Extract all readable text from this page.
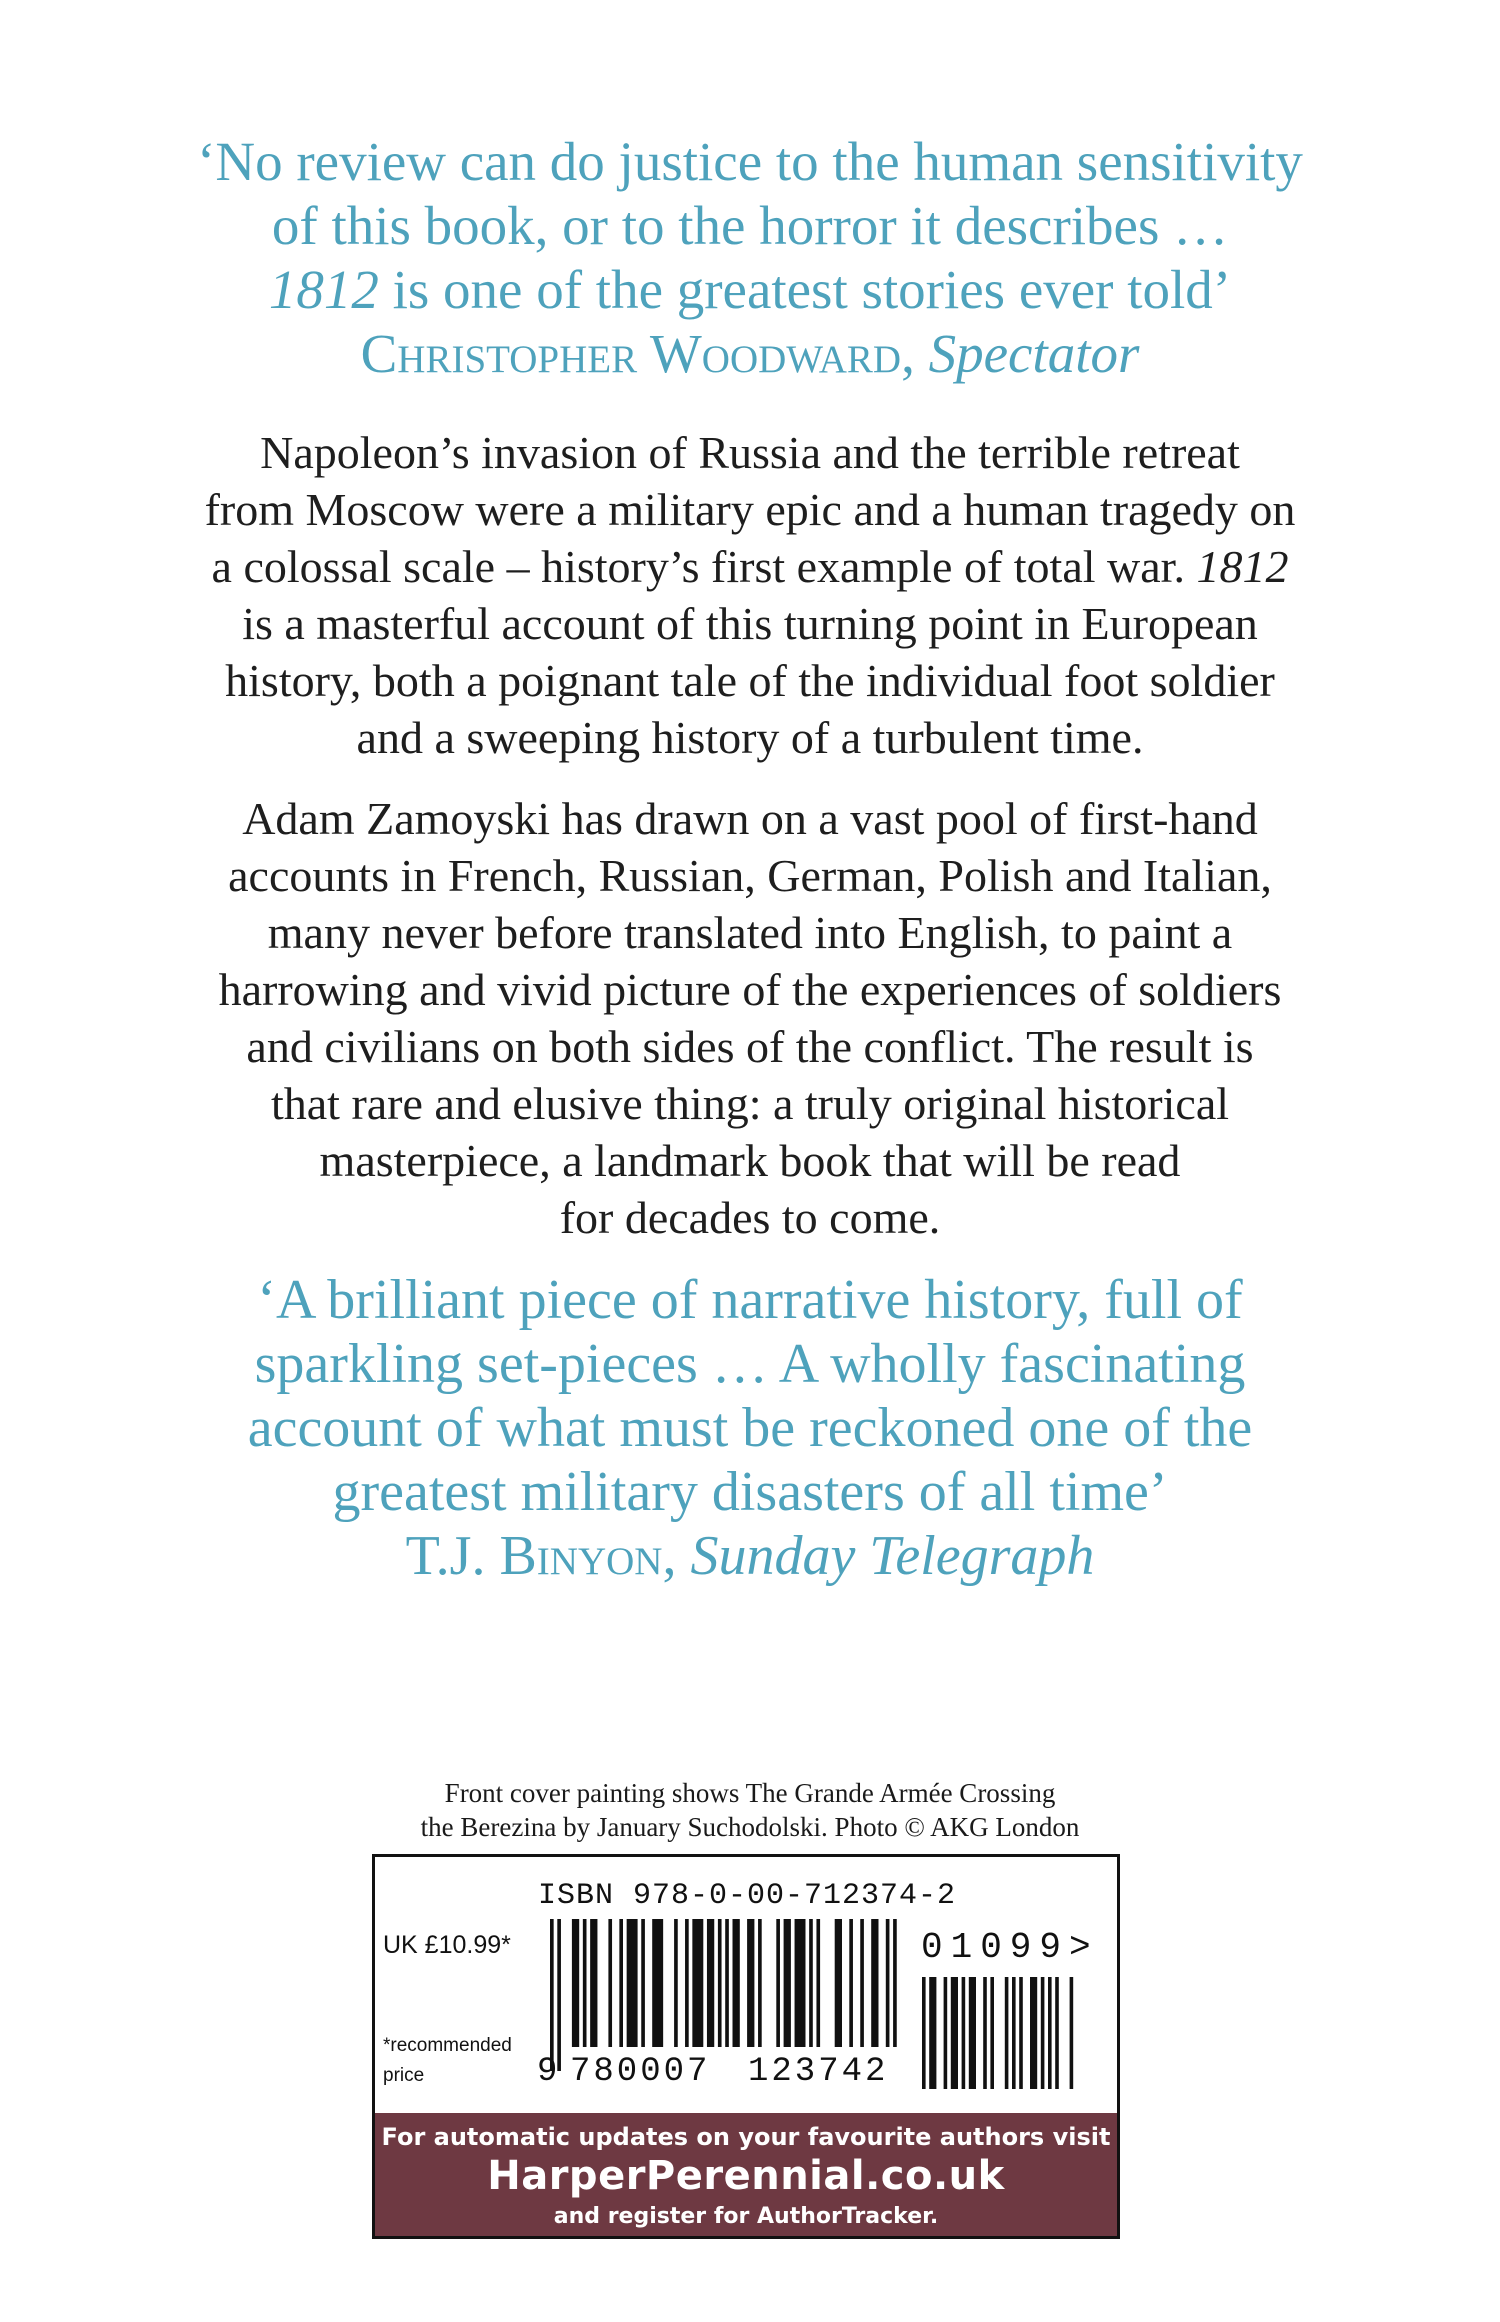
‘No review can do justice to the human sensitivity
of this book, or to the horror it describes …
1812 is one of the greatest stories ever told’
Christopher Woodward, Spectator
Napoleon’s invasion of Russia and the terrible retreat
from Moscow were a military epic and a human tragedy on
a colossal scale – history’s first example of total war. 1812
is a masterful account of this turning point in European
history, both a poignant tale of the individual foot soldier
and a sweeping history of a turbulent time.
Adam Zamoyski has drawn on a vast pool of first-hand
accounts in French, Russian, German, Polish and Italian,
many never before translated into English, to paint a
harrowing and vivid picture of the experiences of soldiers
and civilians on both sides of the conflict. The result is
that rare and elusive thing: a truly original historical
masterpiece, a landmark book that will be read
for decades to come.
‘A brilliant piece of narrative history, full of
sparkling set-pieces … A wholly fascinating
account of what must be reckoned one of the
greatest military disasters of all time’
T.J. Binyon, Sunday Telegraph
Front cover painting shows The Grande Armée Crossing
the Berezina by January Suchodolski. Photo © AKG London
ISBN 978-0-00-712374-2
UK £10.99*
*recommended
price
01099>
9 780007 123742
For automatic updates on your favourite authors visit
HarperPerennial.co.uk
and register for AuthorTracker.
